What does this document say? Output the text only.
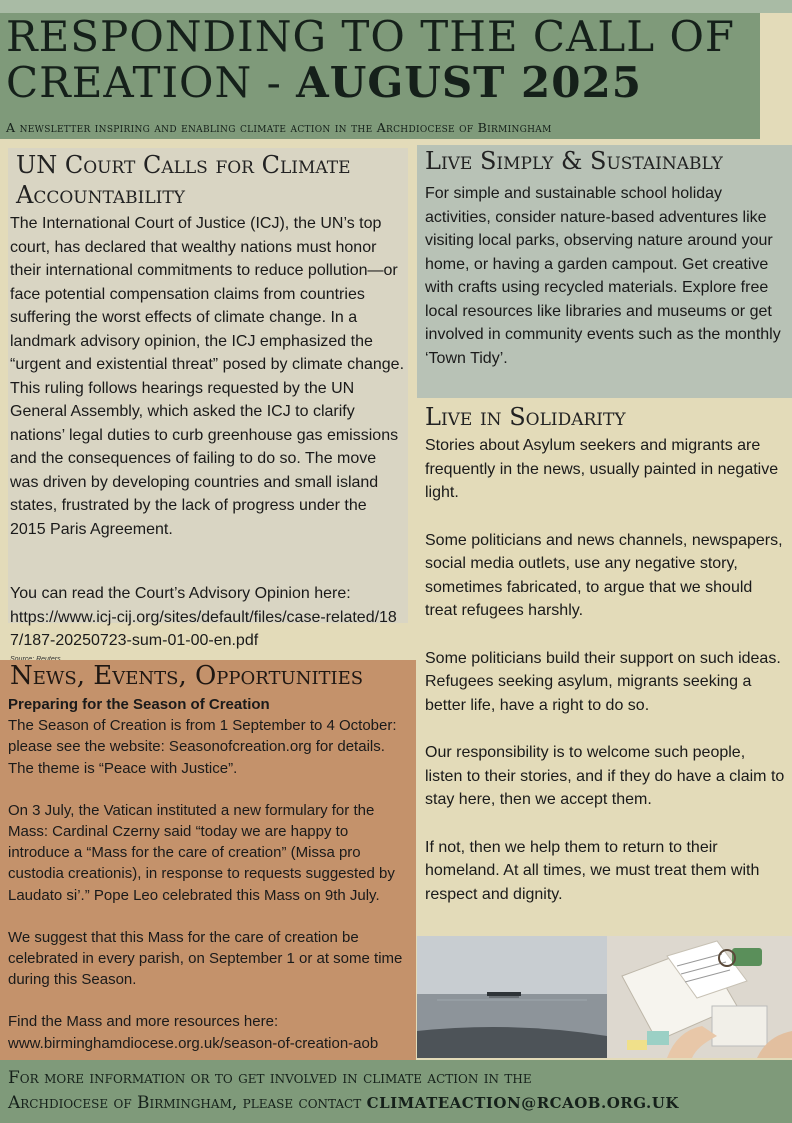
RESPONDING TO THE CALL OF
CREATION - AUGUST 2025
A newsletter inspiring and enabling climate action in the Archdiocese of Birmingham
UN Court Calls for Climate Accountability

The International Court of Justice (ICJ), the UN’s top court, has declared that wealthy nations must honor their international commitments to reduce pollution—or face potential compensation claims from countries suffering the worst effects of climate change. In a landmark advisory opinion, the ICJ emphasized the “urgent and existential threat” posed by climate change.

This ruling follows hearings requested by the UN General Assembly, which asked the ICJ to clarify nations’ legal duties to curb greenhouse gas emissions and the consequences of failing to do so. The move was driven by developing countries and small island states, frustrated by the lack of progress under the 2015 Paris Agreement.

You can read the Court’s Advisory Opinion here:
https://www.icj-cij.org/sites/default/files/case-related/187/187-20250723-sum-01-00-en.pdf
Live Simply & Sustainably
For simple and sustainable school holiday activities, consider nature-based adventures like visiting local parks, observing nature around your home, or having a garden campout. Get creative with crafts using recycled materials. Explore free local resources like libraries and museums or get involved in community events such as the monthly ‘Town Tidy’.
Live in Solidarity

Stories about Asylum seekers and migrants are frequently in the news, usually painted in negative light.

Some politicians and news channels, newspapers, social media outlets, use any negative story, sometimes fabricated, to argue that we should treat refugees harshly.

Some politicians build their support on such ideas. Refugees seeking asylum, migrants seeking a better life, have a right to do so.

Our responsibility is to welcome such people, listen to their stories, and if they do have a claim to stay here, then we accept them.

If not, then we help them to return to their homeland. At all times, we must treat them with respect and dignity.

News, Events, Opportunities

Preparing for the Season of Creation

The Season of Creation is from 1 September to 4 October: please see the website: Seasonofcreation.org for details. The theme is “Peace with Justice”.

On 3 July, the Vatican instituted a new formulary for the Mass: Cardinal Czerny said “today we are happy to introduce a “Mass for the care of creation” (Missa pro custodia creationis), in response to requests suggested by Laudato si’.” Pope Leo celebrated this Mass on 9th July.

We suggest that this Mass for the care of creation be celebrated in every parish, on September 1 or at some time during this Season.

Find the Mass and more resources here: www.birminghamdiocese.org.uk/season-of-creation-aob

For more information or to get involved in climate action in the
Archdiocese of Birmingham, please contact CLIMATEACTION@RCAOB.ORG.UK
